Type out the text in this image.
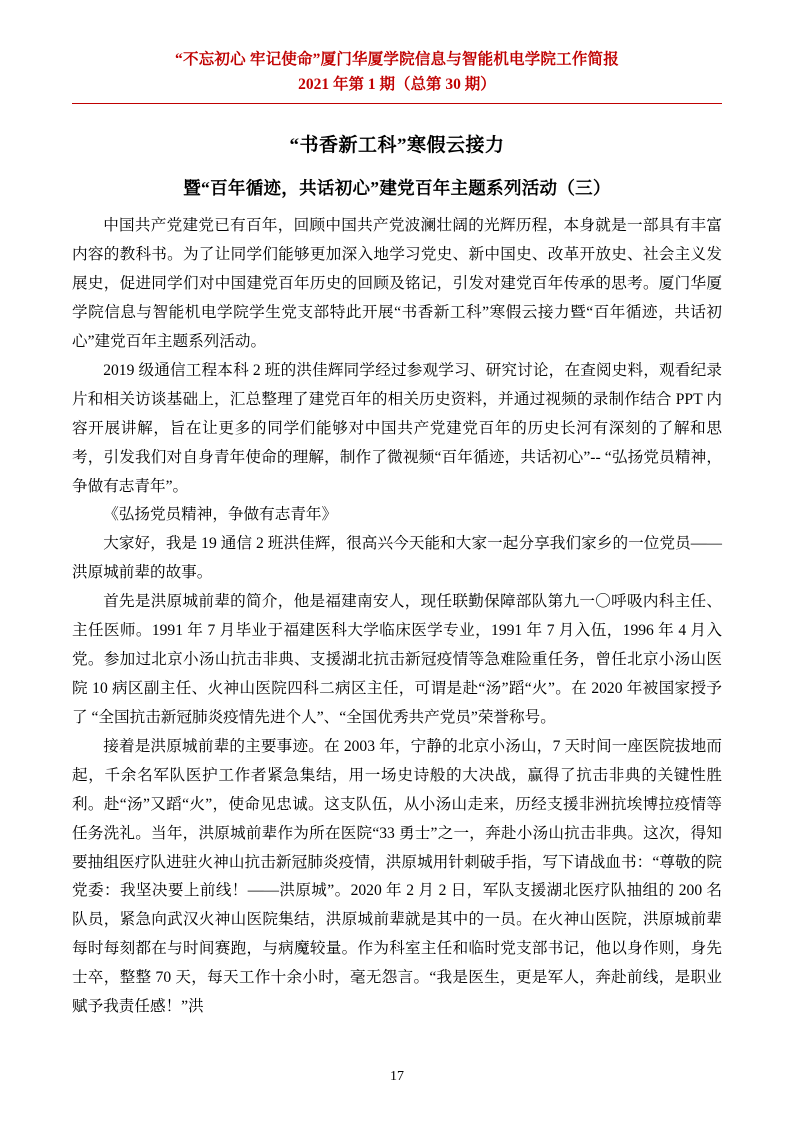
“不忘初心 牢记使命”厦门华厦学院信息与智能机电学院工作简报
2021 年第 1 期（总第 30 期）
“书香新工科”寒假云接力
暨“百年循迹，共话初心”建党百年主题系列活动（三）

中国共产党建党已有百年，回顾中国共产党波澜壮阔的光辉历程，本身就是一部具有丰富内容的教科书。为了让同学们能够更加深入地学习党史、新中国史、改革开放史、社会主义发展史，促进同学们对中国建党百年历史的回顾及铭记，引发对建党百年传承的思考。厦门华厦学院信息与智能机电学院学生党支部特此开展“书香新工科”寒假云接力暨“百年循迹，共话初心”建党百年主题系列活动。

2019 级通信工程本科 2 班的洪佳辉同学经过参观学习、研究讨论，在查阅史料，观看纪录片和相关访谈基础上，汇总整理了建党百年的相关历史资料，并通过视频的录制作结合 PPT 内容开展讲解，旨在让更多的同学们能够对中国共产党建党百年的历史长河有深刻的了解和思考，引发我们对自身青年使命的理解，制作了微视频“百年循迹，共话初心”-- “弘扬党员精神，争做有志青年”。

《弘扬党员精神，争做有志青年》

大家好，我是 19 通信 2 班洪佳辉，很高兴今天能和大家一起分享我们家乡的一位党员——洪原城前辈的故事。

首先是洪原城前辈的简介，他是福建南安人，现任联勤保障部队第九一〇呼吸内科主任、主任医师。1991 年 7 月毕业于福建医科大学临床医学专业，1991 年 7 月入伍，1996 年 4 月入党。参加过北京小汤山抗击非典、支援湖北抗击新冠疫情等急难险重任务，曾任北京小汤山医院 10 病区副主任、火神山医院四科二病区主任，可谓是赴“汤”蹈“火”。在 2020 年被国家授予了 “全国抗击新冠肺炎疫情先进个人”、“全国优秀共产党员”荣誉称号。

接着是洪原城前辈的主要事迹。在 2003 年，宁静的北京小汤山，7 天时间一座医院拔地而起，千余名军队医护工作者紧急集结，用一场史诗般的大决战，赢得了抗击非典的关键性胜利。赴“汤”又蹈“火”，使命见忠诚。这支队伍，从小汤山走来，历经支援非洲抗埃博拉疫情等任务洗礼。当年，洪原城前辈作为所在医院“33 勇士”之一，奔赴小汤山抗击非典。这次，得知要抽组医疗队进驻火神山抗击新冠肺炎疫情，洪原城用针刺破手指，写下请战血书：“尊敬的院党委：我坚决要上前线！——洪原城”。2020 年 2 月 2 日，军队支援湖北医疗队抽组的 200 名队员，紧急向武汉火神山医院集结，洪原城前辈就是其中的一员。在火神山医院，洪原城前辈每时每刻都在与时间赛跑，与病魔较量。作为科室主任和临时党支部书记，他以身作则，身先士卒，整整 70 天，每天工作十余小时，毫无怨言。“我是医生，更是军人，奔赴前线，是职业赋予我责任感！”洪

17
